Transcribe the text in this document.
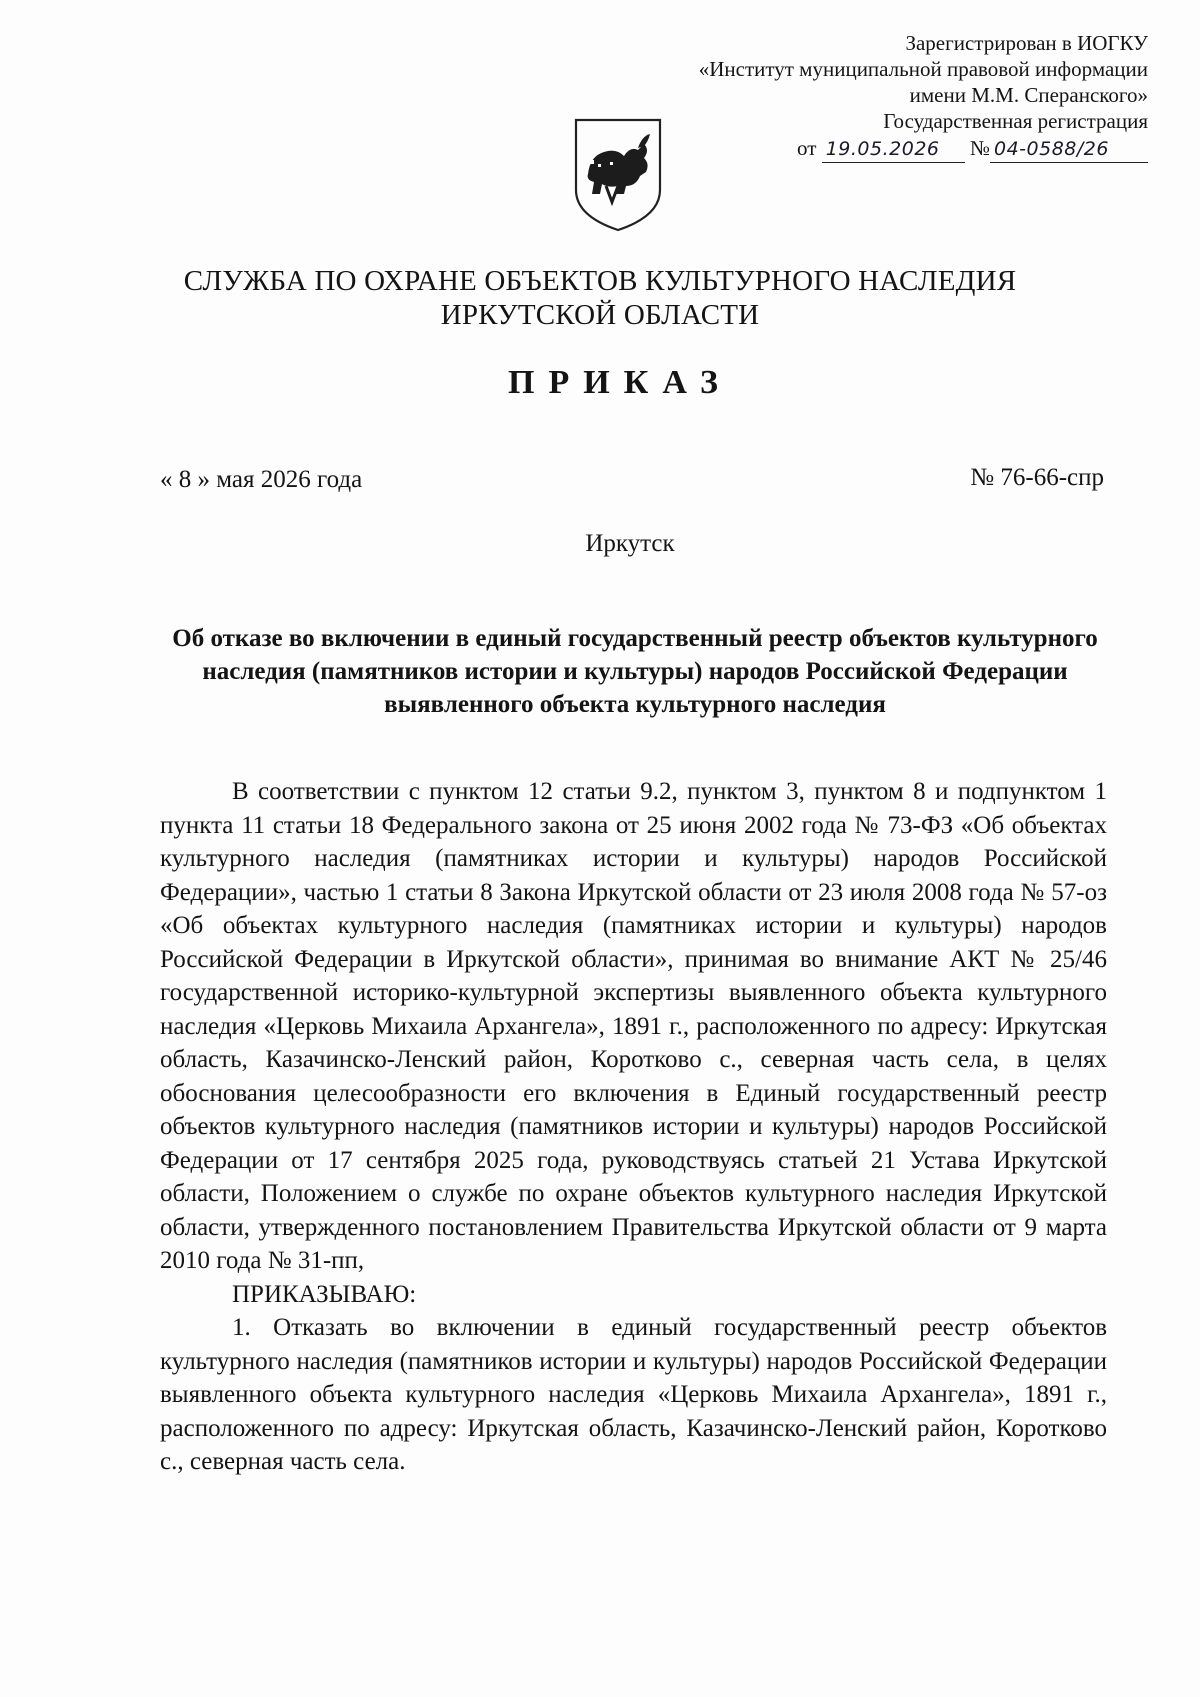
Зарегистрирован в ИОГКУ
«Институт муниципальной правовой информации
имени М.М. Сперанского»
Государственная регистрация
от 19.05.2026 № 04-0588/26
СЛУЖБА ПО ОХРАНЕ ОБЪЕКТОВ КУЛЬТУРНОГО НАСЛЕДИЯ
ИРКУТСКОЙ ОБЛАСТИ
ПРИКАЗ
« 8 » мая 2026 года	№ 76-66-спр
Иркутск
Об отказе во включении в единый государственный реестр объектов культурного наследия (памятников истории и культуры) народов Российской Федерации выявленного объекта культурного наследия

В соответствии с пунктом 12 статьи 9.2, пунктом 3, пунктом 8 и подпунктом 1 пункта 11 статьи 18 Федерального закона от 25 июня 2002 года № 73-ФЗ «Об объектах культурного наследия (памятниках истории и культуры) народов Российской Федерации», частью 1 статьи 8 Закона Иркутской области от 23 июля 2008 года № 57-оз «Об объектах культурного наследия (памятниках истории и культуры) народов Российской Федерации в Иркутской области», принимая во внимание АКТ № 25/46 государственной историко-культурной экспертизы выявленного объекта культурного наследия «Церковь Михаила Архангела», 1891 г., расположенного по адресу: Иркутская область, Казачинско-Ленский район, Коротково с., северная часть села, в целях обоснования целесообразности его включения в Единый государственный реестр объектов культурного наследия (памятников истории и культуры) народов Российской Федерации от 17 сентября 2025 года, руководствуясь статьей 21 Устава Иркутской области, Положением о службе по охране объектов культурного наследия Иркутской области, утвержденного постановлением Правительства Иркутской области от 9 марта 2010 года № 31-пп,

ПРИКАЗЫВАЮ:

1. Отказать во включении в единый государственный реестр объектов культурного наследия (памятников истории и культуры) народов Российской Федерации выявленного объекта культурного наследия «Церковь Михаила Архангела», 1891 г., расположенного по адресу: Иркутская область, Казачинско-Ленский район, Коротково с., северная часть села.
